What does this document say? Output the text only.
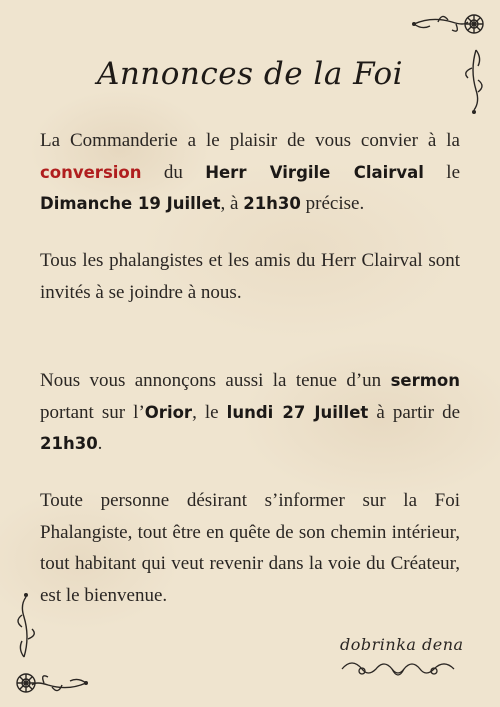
Annonces de la Foi

La Commanderie a le plaisir de vous convier à la conversion du Herr Virgile Clairval le Dimanche 19 Juillet, à 21h30 précise.

Tous les phalangistes et les amis du Herr Clairval sont invités à se joindre à nous.

Nous vous annonçons aussi la tenue d’un sermon portant sur l’Orior, le lundi 27 Juillet à partir de 21h30.

Toute personne désirant s’informer sur la Foi Phalangiste, tout être en quête de son chemin intérieur, tout habitant qui veut revenir dans la voie du Créateur, est le bienvenue.

dobrinka dena
